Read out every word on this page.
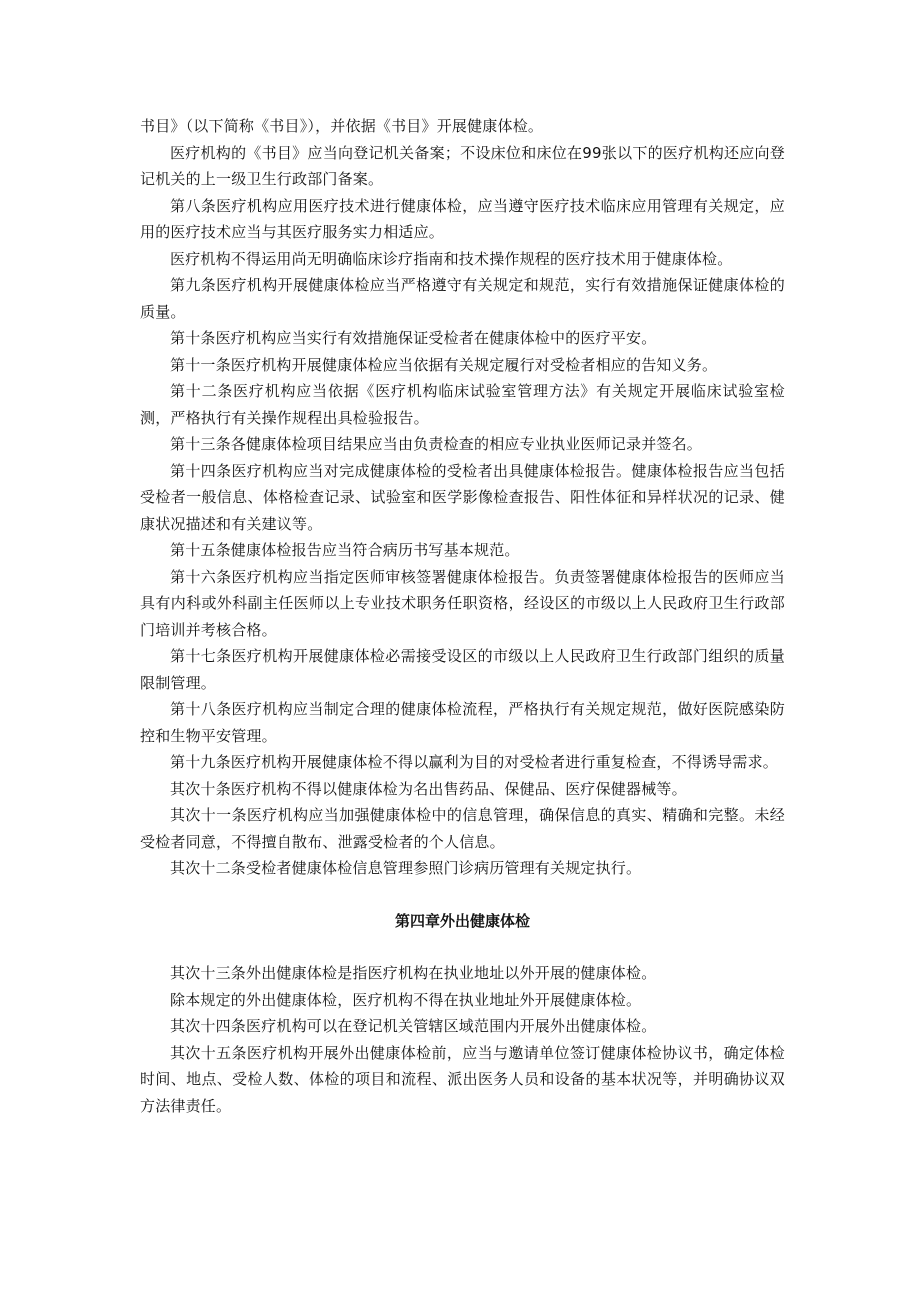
书目》（以下简称《书目》），并依据《书目》开展健康体检。

医疗机构的《书目》应当向登记机关备案；不设床位和床位在99张以下的医疗机构还应向登记机关的上一级卫生行政部门备案。

第八条医疗机构应用医疗技术进行健康体检，应当遵守医疗技术临床应用管理有关规定，应用的医疗技术应当与其医疗服务实力相适应。

医疗机构不得运用尚无明确临床诊疗指南和技术操作规程的医疗技术用于健康体检。

第九条医疗机构开展健康体检应当严格遵守有关规定和规范，实行有效措施保证健康体检的质量。

第十条医疗机构应当实行有效措施保证受检者在健康体检中的医疗平安。

第十一条医疗机构开展健康体检应当依据有关规定履行对受检者相应的告知义务。

第十二条医疗机构应当依据《医疗机构临床试验室管理方法》有关规定开展临床试验室检测，严格执行有关操作规程出具检验报告。

第十三条各健康体检项目结果应当由负责检查的相应专业执业医师记录并签名。

第十四条医疗机构应当对完成健康体检的受检者出具健康体检报告。健康体检报告应当包括受检者一般信息、体格检查记录、试验室和医学影像检查报告、阳性体征和异样状况的记录、健康状况描述和有关建议等。

第十五条健康体检报告应当符合病历书写基本规范。

第十六条医疗机构应当指定医师审核签署健康体检报告。负责签署健康体检报告的医师应当具有内科或外科副主任医师以上专业技术职务任职资格，经设区的市级以上人民政府卫生行政部门培训并考核合格。

第十七条医疗机构开展健康体检必需接受设区的市级以上人民政府卫生行政部门组织的质量限制管理。

第十八条医疗机构应当制定合理的健康体检流程，严格执行有关规定规范，做好医院感染防控和生物平安管理。

第十九条医疗机构开展健康体检不得以赢利为目的对受检者进行重复检查，不得诱导需求。

其次十条医疗机构不得以健康体检为名出售药品、保健品、医疗保健器械等。

其次十一条医疗机构应当加强健康体检中的信息管理，确保信息的真实、精确和完整。未经受检者同意，不得擅自散布、泄露受检者的个人信息。

其次十二条受检者健康体检信息管理参照门诊病历管理有关规定执行。

第四章外出健康体检

其次十三条外出健康体检是指医疗机构在执业地址以外开展的健康体检。

除本规定的外出健康体检，医疗机构不得在执业地址外开展健康体检。

其次十四条医疗机构可以在登记机关管辖区域范围内开展外出健康体检。

其次十五条医疗机构开展外出健康体检前，应当与邀请单位签订健康体检协议书，确定体检时间、地点、受检人数、体检的项目和流程、派出医务人员和设备的基本状况等，并明确协议双方法律责任。
